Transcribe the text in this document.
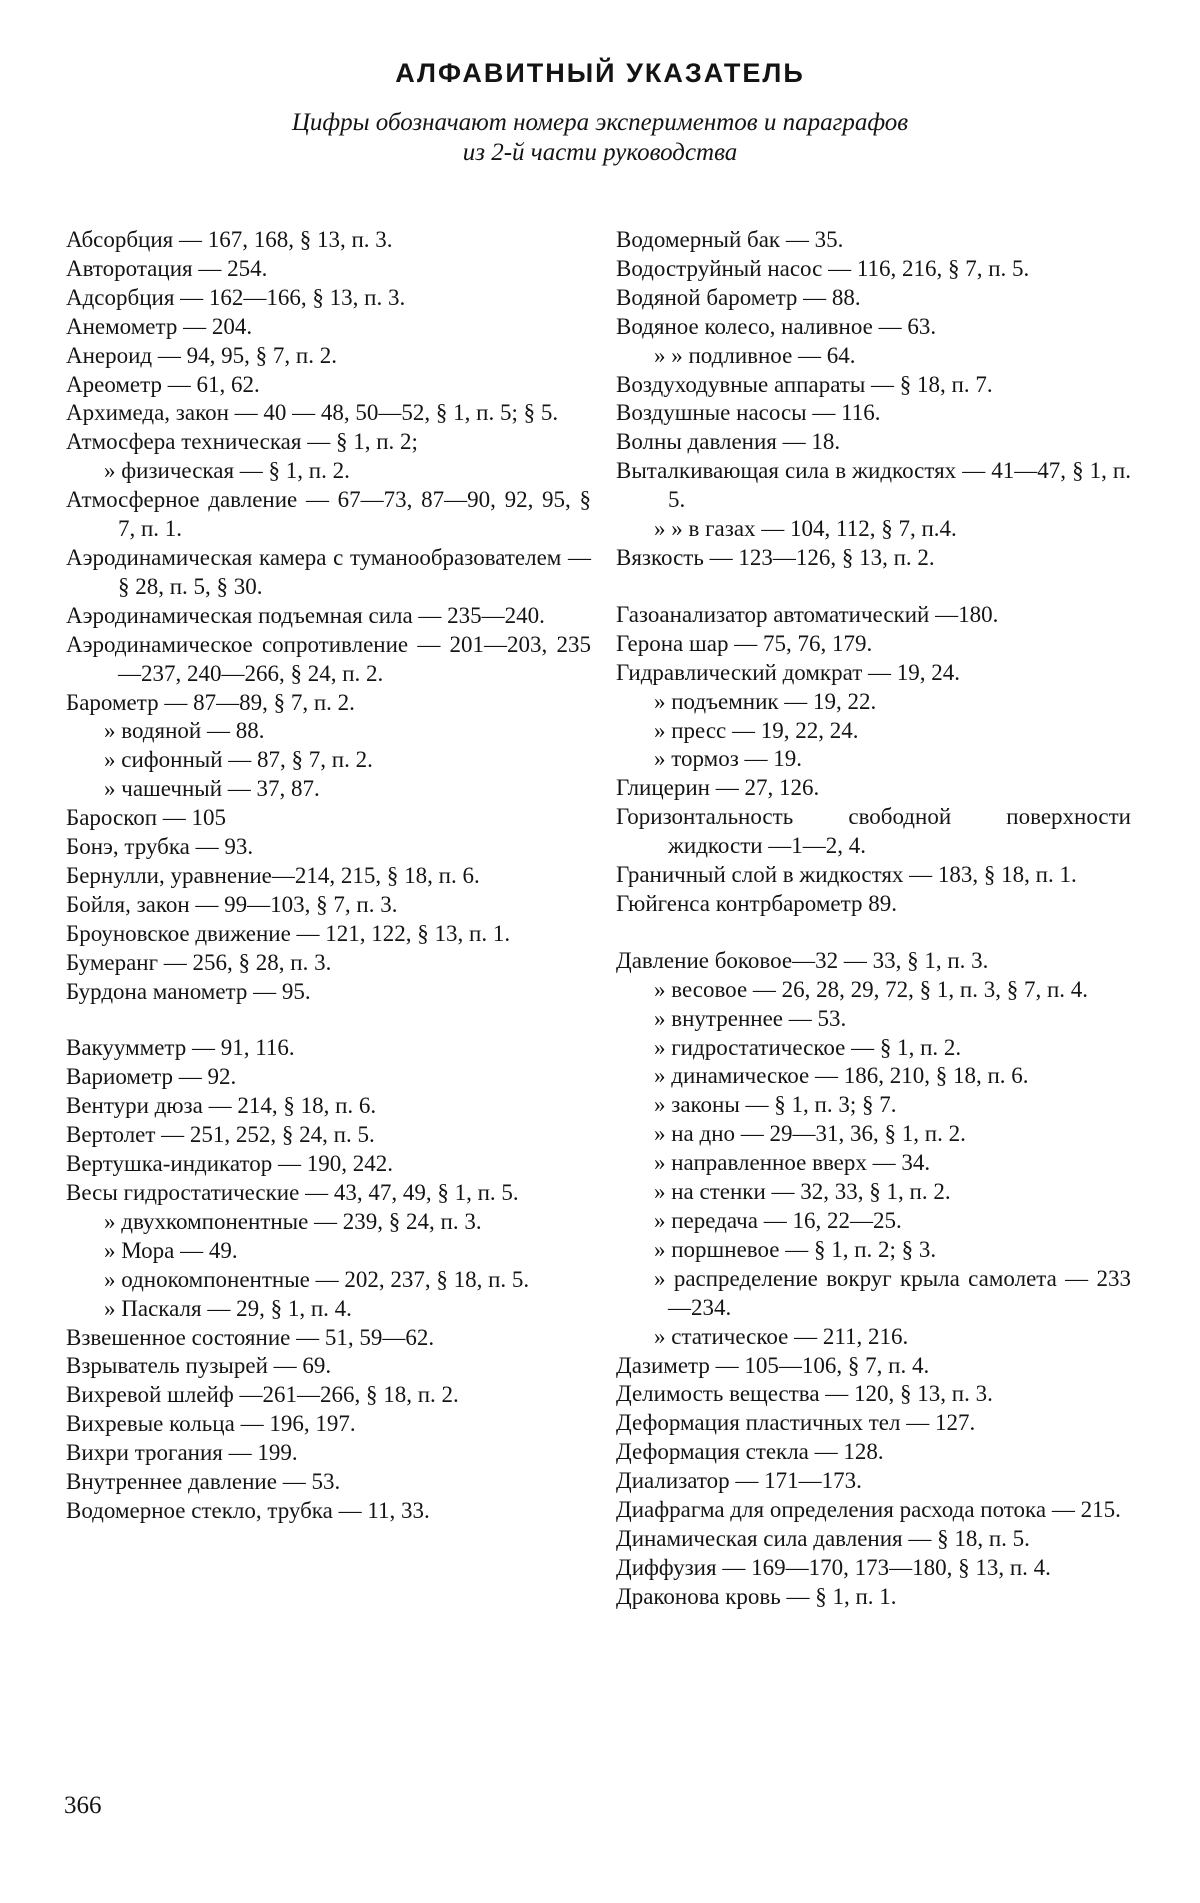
АЛФАВИТНЫЙ УКАЗАТЕЛЬ
Цифры обозначают номера экспериментов и параграфов
из 2-й части руководства
Абсорбция — 167, 168, § 13, п. 3.
Авторотация — 254.
Адсорбция — 162—166, § 13, п. 3.
Анемометр — 204.
Анероид — 94, 95, § 7, п. 2.
Ареометр — 61, 62.
Архимеда, закон — 40 — 48, 50—52, § 1, п. 5; § 5.
Атмосфера техническая — § 1, п. 2;
» физическая — § 1, п. 2.
Атмосферное давление — 67—73, 87—90, 92, 95, § 7, п. 1.
Аэродинамическая камера с туманообразователем — § 28, п. 5, § 30.
Аэродинамическая подъемная сила — 235—240.
Аэродинамическое сопротивление — 201—203, 235—237, 240—266, § 24, п. 2.
Барометр — 87—89, § 7, п. 2.
» водяной — 88.
» сифонный — 87, § 7, п. 2.
» чашечный — 37, 87.
Бароскоп — 105
Бонэ, трубка — 93.
Бернулли, уравнение—214, 215, § 18, п. 6.
Бойля, закон — 99—103, § 7, п. 3.
Броуновское движение — 121, 122, § 13, п. 1.
Бумеранг — 256, § 28, п. 3.
Бурдона манометр — 95.
Вакуумметр — 91, 116.
Вариометр — 92.
Вентури дюза — 214, § 18, п. 6.
Вертолет — 251, 252, § 24, п. 5.
Вертушка-индикатор — 190, 242.
Весы гидростатические — 43, 47, 49, § 1, п. 5.
» двухкомпонентные — 239, § 24, п. 3.
» Мора — 49.
» однокомпонентные — 202, 237, § 18, п. 5.
» Паскаля — 29, § 1, п. 4.
Взвешенное состояние — 51, 59—62.
Взрыватель пузырей — 69.
Вихревой шлейф —261—266, § 18, п. 2.
Вихревые кольца — 196, 197.
Вихри трогания — 199.
Внутреннее давление — 53.
Водомерное стекло, трубка — 11, 33.
Водомерный бак — 35.
Водоструйный насос — 116, 216, § 7, п. 5.
Водяной барометр — 88.
Водяное колесо, наливное — 63.
» » подливное — 64.
Воздуходувные аппараты — § 18, п. 7.
Воздушные насосы — 116.
Волны давления — 18.
Выталкивающая сила в жидкостях — 41—47, § 1, п. 5.
» » в газах — 104, 112, § 7, п.4.
Вязкость — 123—126, § 13, п. 2.
Газоанализатор автоматический —180.
Герона шар — 75, 76, 179.
Гидравлический домкрат — 19, 24.
» подъемник — 19, 22.
» пресс — 19, 22, 24.
» тормоз — 19.
Глицерин — 27, 126.
Горизонтальность свободной поверхности жидкости —1—2, 4.
Граничный слой в жидкостях — 183, § 18, п. 1.
Гюйгенса контрбарометр 89.
Давление боковое—32 — 33, § 1, п. 3.
» весовое — 26, 28, 29, 72, § 1, п. 3, § 7, п. 4.
» внутреннее — 53.
» гидростатическое — § 1, п. 2.
» динамическое — 186, 210, § 18, п. 6.
» законы — § 1, п. 3; § 7.
» на дно — 29—31, 36, § 1, п. 2.
» направленное вверх — 34.
» на стенки — 32, 33, § 1, п. 2.
» передача — 16, 22—25.
» поршневое — § 1, п. 2; § 3.
» распределение вокруг крыла самолета — 233—234.
» статическое — 211, 216.
Дазиметр — 105—106, § 7, п. 4.
Делимость вещества — 120, § 13, п. 3.
Деформация пластичных тел — 127.
Деформация стекла — 128.
Диализатор — 171—173.
Диафрагма для определения расхода потока — 215.
Динамическая сила давления — § 18, п. 5.
Диффузия — 169—170, 173—180, § 13, п. 4.
Драконова кровь — § 1, п. 1.
366
